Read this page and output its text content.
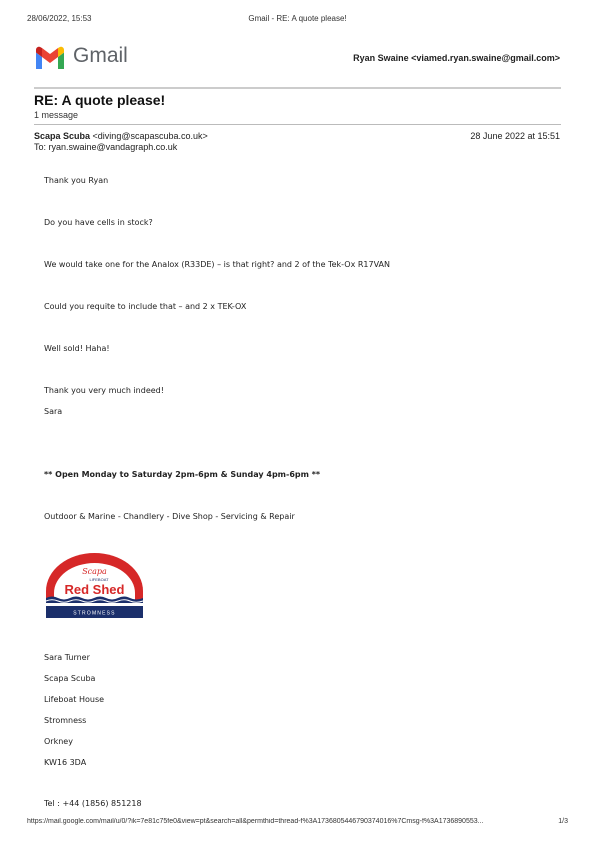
28/06/2022, 15:53	Gmail - RE: A quote please!
Gmail	Ryan Swaine <viamed.ryan.swaine@gmail.com>
RE: A quote please!
1 message
Scapa Scuba <diving@scapascuba.co.uk>	28 June 2022 at 15:51
To: ryan.swaine@vandagraph.co.uk
Thank you Ryan
Do you have cells in stock?
We would take one for the Analox (R33DE) – is that right? and 2 of the Tek-Ox R17VAN
Could you requite to include that – and 2 x TEK-OX
Well sold! Haha!
Thank you very much indeed!
Sara
** Open Monday to Saturday 2pm-6pm & Sunday 4pm-6pm **
Outdoor & Marine - Chandlery - Dive Shop - Servicing & Repair
Scapa
LIFEBOAT
Red Shed
STROMNESS
Sara Turner
Scapa Scuba
Lifeboat House
Stromness
Orkney
KW16 3DA
Tel : +44 (1856) 851218
https://mail.google.com/mail/u/0/?ik=7e81c75fe0&view=pt&search=all&permthid=thread-f%3A1736805446790374016%7Cmsg-f%3A1736890553...	1/3
